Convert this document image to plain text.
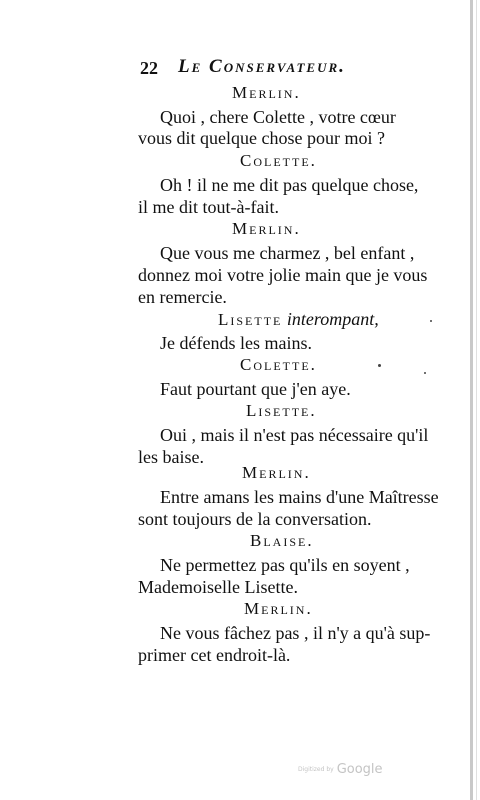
22 Le Conservateur.
Merlin.
Quoi , chere Colette , votre cœur
vous dit quelque chose pour moi ?
Colette.
Oh ! il ne me dit pas quelque chose,
il me dit tout-à-fait.
Merlin.
Que vous me charmez , bel enfant ,
donnez moi votre jolie main que je vous
en remercie.
Lisette interompant,
Je défends les mains.
Colette.
Faut pourtant que j'en aye.
Lisette.
Oui , mais il n'est pas nécessaire qu'il
les baise.
Merlin.
Entre amans les mains d'une Maîtresse
sont toujours de la conversation.
Blaise.
Ne permettez pas qu'ils en soyent ,
Mademoiselle Lisette.
Merlin.
Ne vous fâchez pas , il n'y a qu'à sup-
primer cet endroit-là.
Digitized by Google
